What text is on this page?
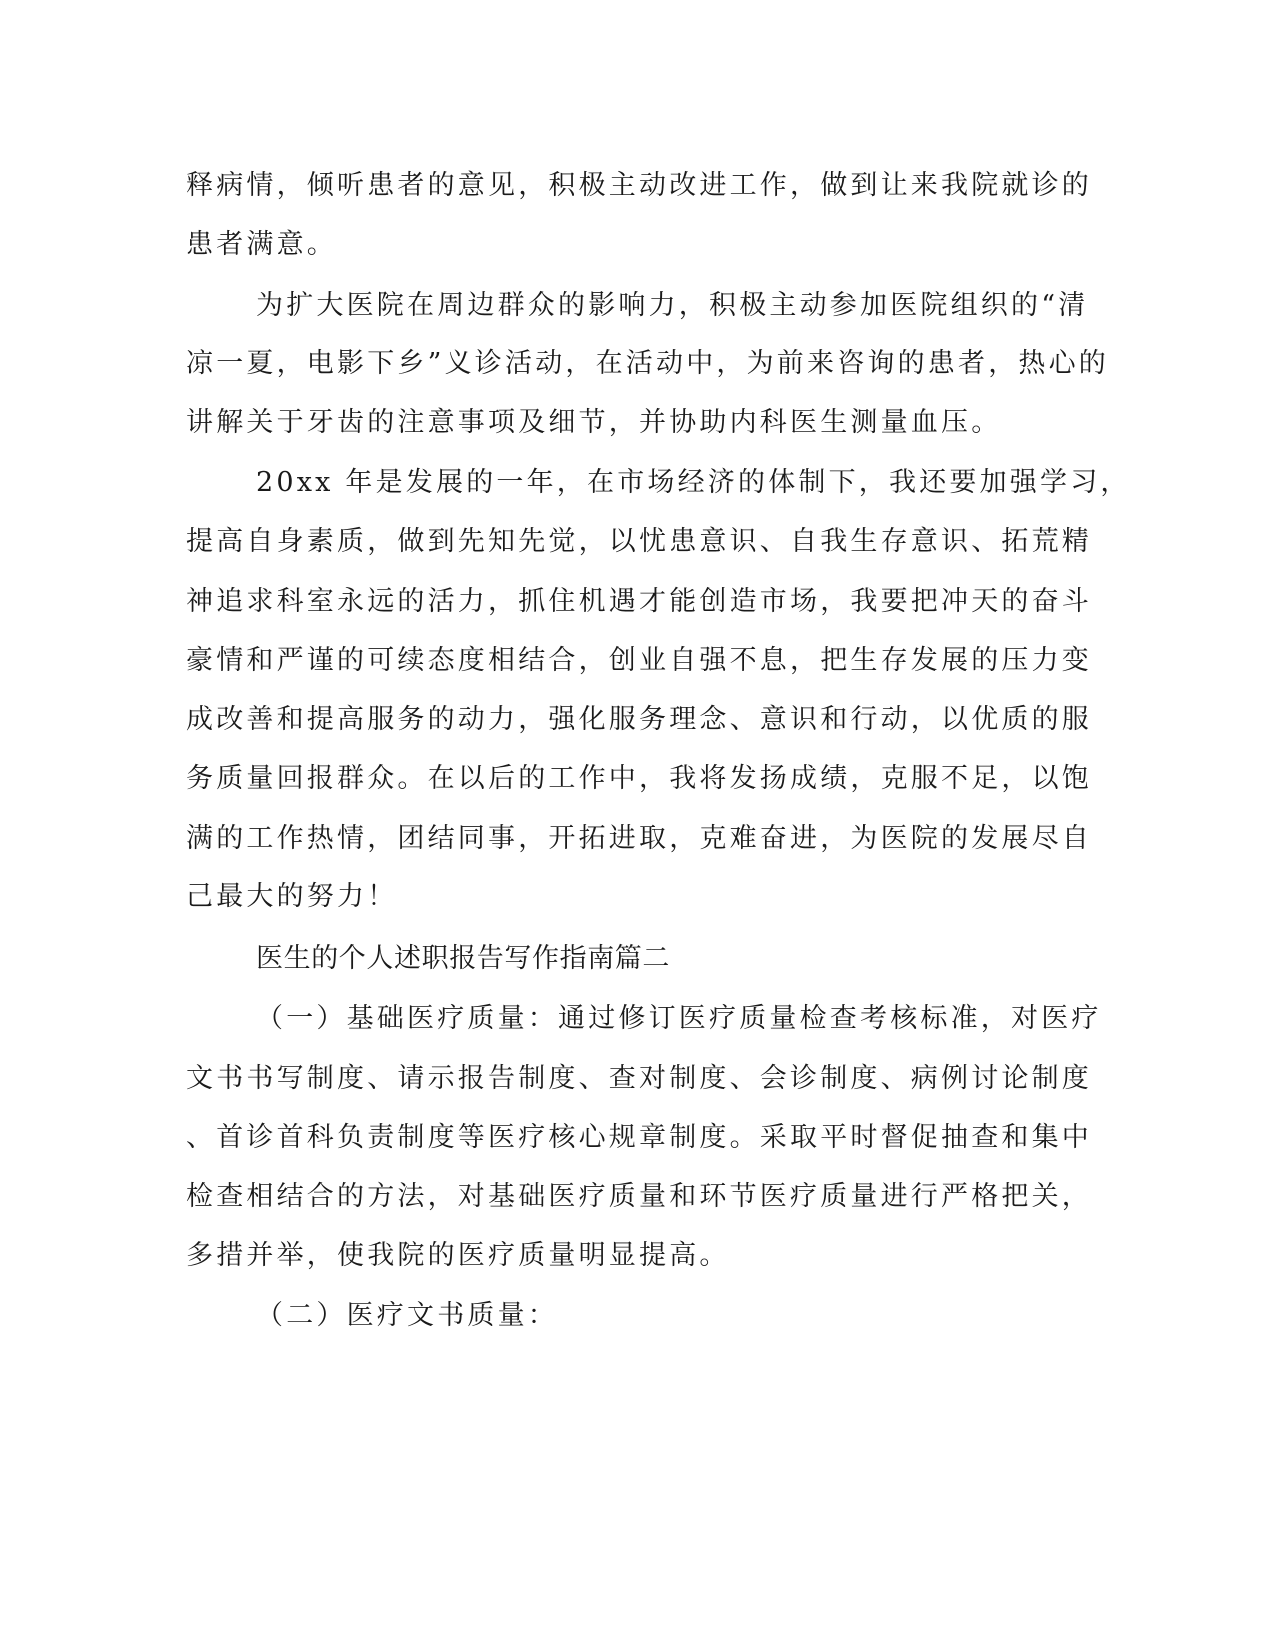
释病情，倾听患者的意见，积极主动改进工作，做到让来我院就诊的
患者满意。
为扩大医院在周边群众的影响力，积极主动参加医院组织的“清
凉一夏，电影下乡”义诊活动，在活动中，为前来咨询的患者，热心的
讲解关于牙齿的注意事项及细节，并协助内科医生测量血压。
20xx 年是发展的一年，在市场经济的体制下，我还要加强学习，
提高自身素质，做到先知先觉，以忧患意识、自我生存意识、拓荒精
神追求科室永远的活力，抓住机遇才能创造市场，我要把冲天的奋斗
豪情和严谨的可续态度相结合，创业自强不息，把生存发展的压力变
成改善和提高服务的动力，强化服务理念、意识和行动，以优质的服
务质量回报群众。在以后的工作中，我将发扬成绩，克服不足，以饱
满的工作热情，团结同事，开拓进取，克难奋进，为医院的发展尽自
己最大的努力！
医生的个人述职报告写作指南篇二
（一）基础医疗质量：通过修订医疗质量检查考核标准，对医疗
文书书写制度、请示报告制度、查对制度、会诊制度、病例讨论制度
、首诊首科负责制度等医疗核心规章制度。采取平时督促抽查和集中
检查相结合的方法，对基础医疗质量和环节医疗质量进行严格把关，
多措并举，使我院的医疗质量明显提高。
（二）医疗文书质量：
